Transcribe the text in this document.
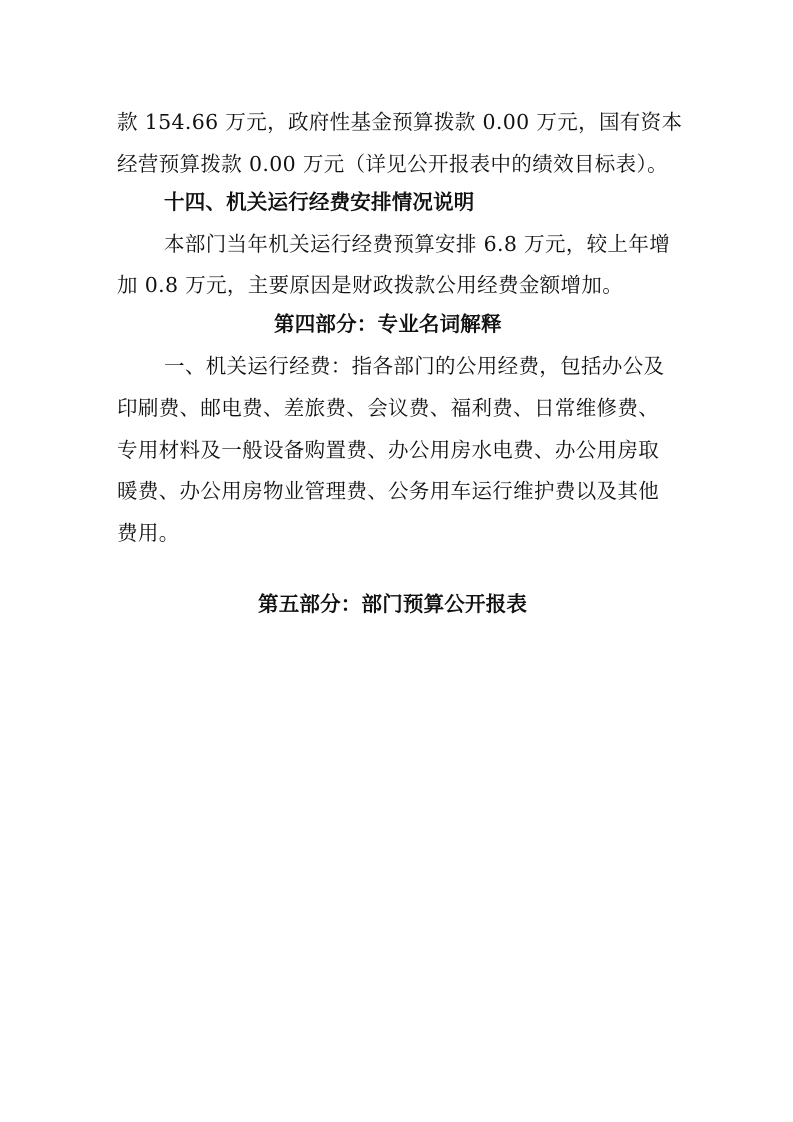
款 154.66 万元，政府性基金预算拨款 0.00 万元，国有资本
经营预算拨款 0.00 万元（详见公开报表中的绩效目标表）。
十四、机关运行经费安排情况说明
本部门当年机关运行经费预算安排 6.8 万元，较上年增
加 0.8 万元，主要原因是财政拨款公用经费金额增加。
第四部分：专业名词解释
一、机关运行经费：指各部门的公用经费，包括办公及
印刷费、邮电费、差旅费、会议费、福利费、日常维修费、
专用材料及一般设备购置费、办公用房水电费、办公用房取
暖费、办公用房物业管理费、公务用车运行维护费以及其他
费用。
第五部分：部门预算公开报表
